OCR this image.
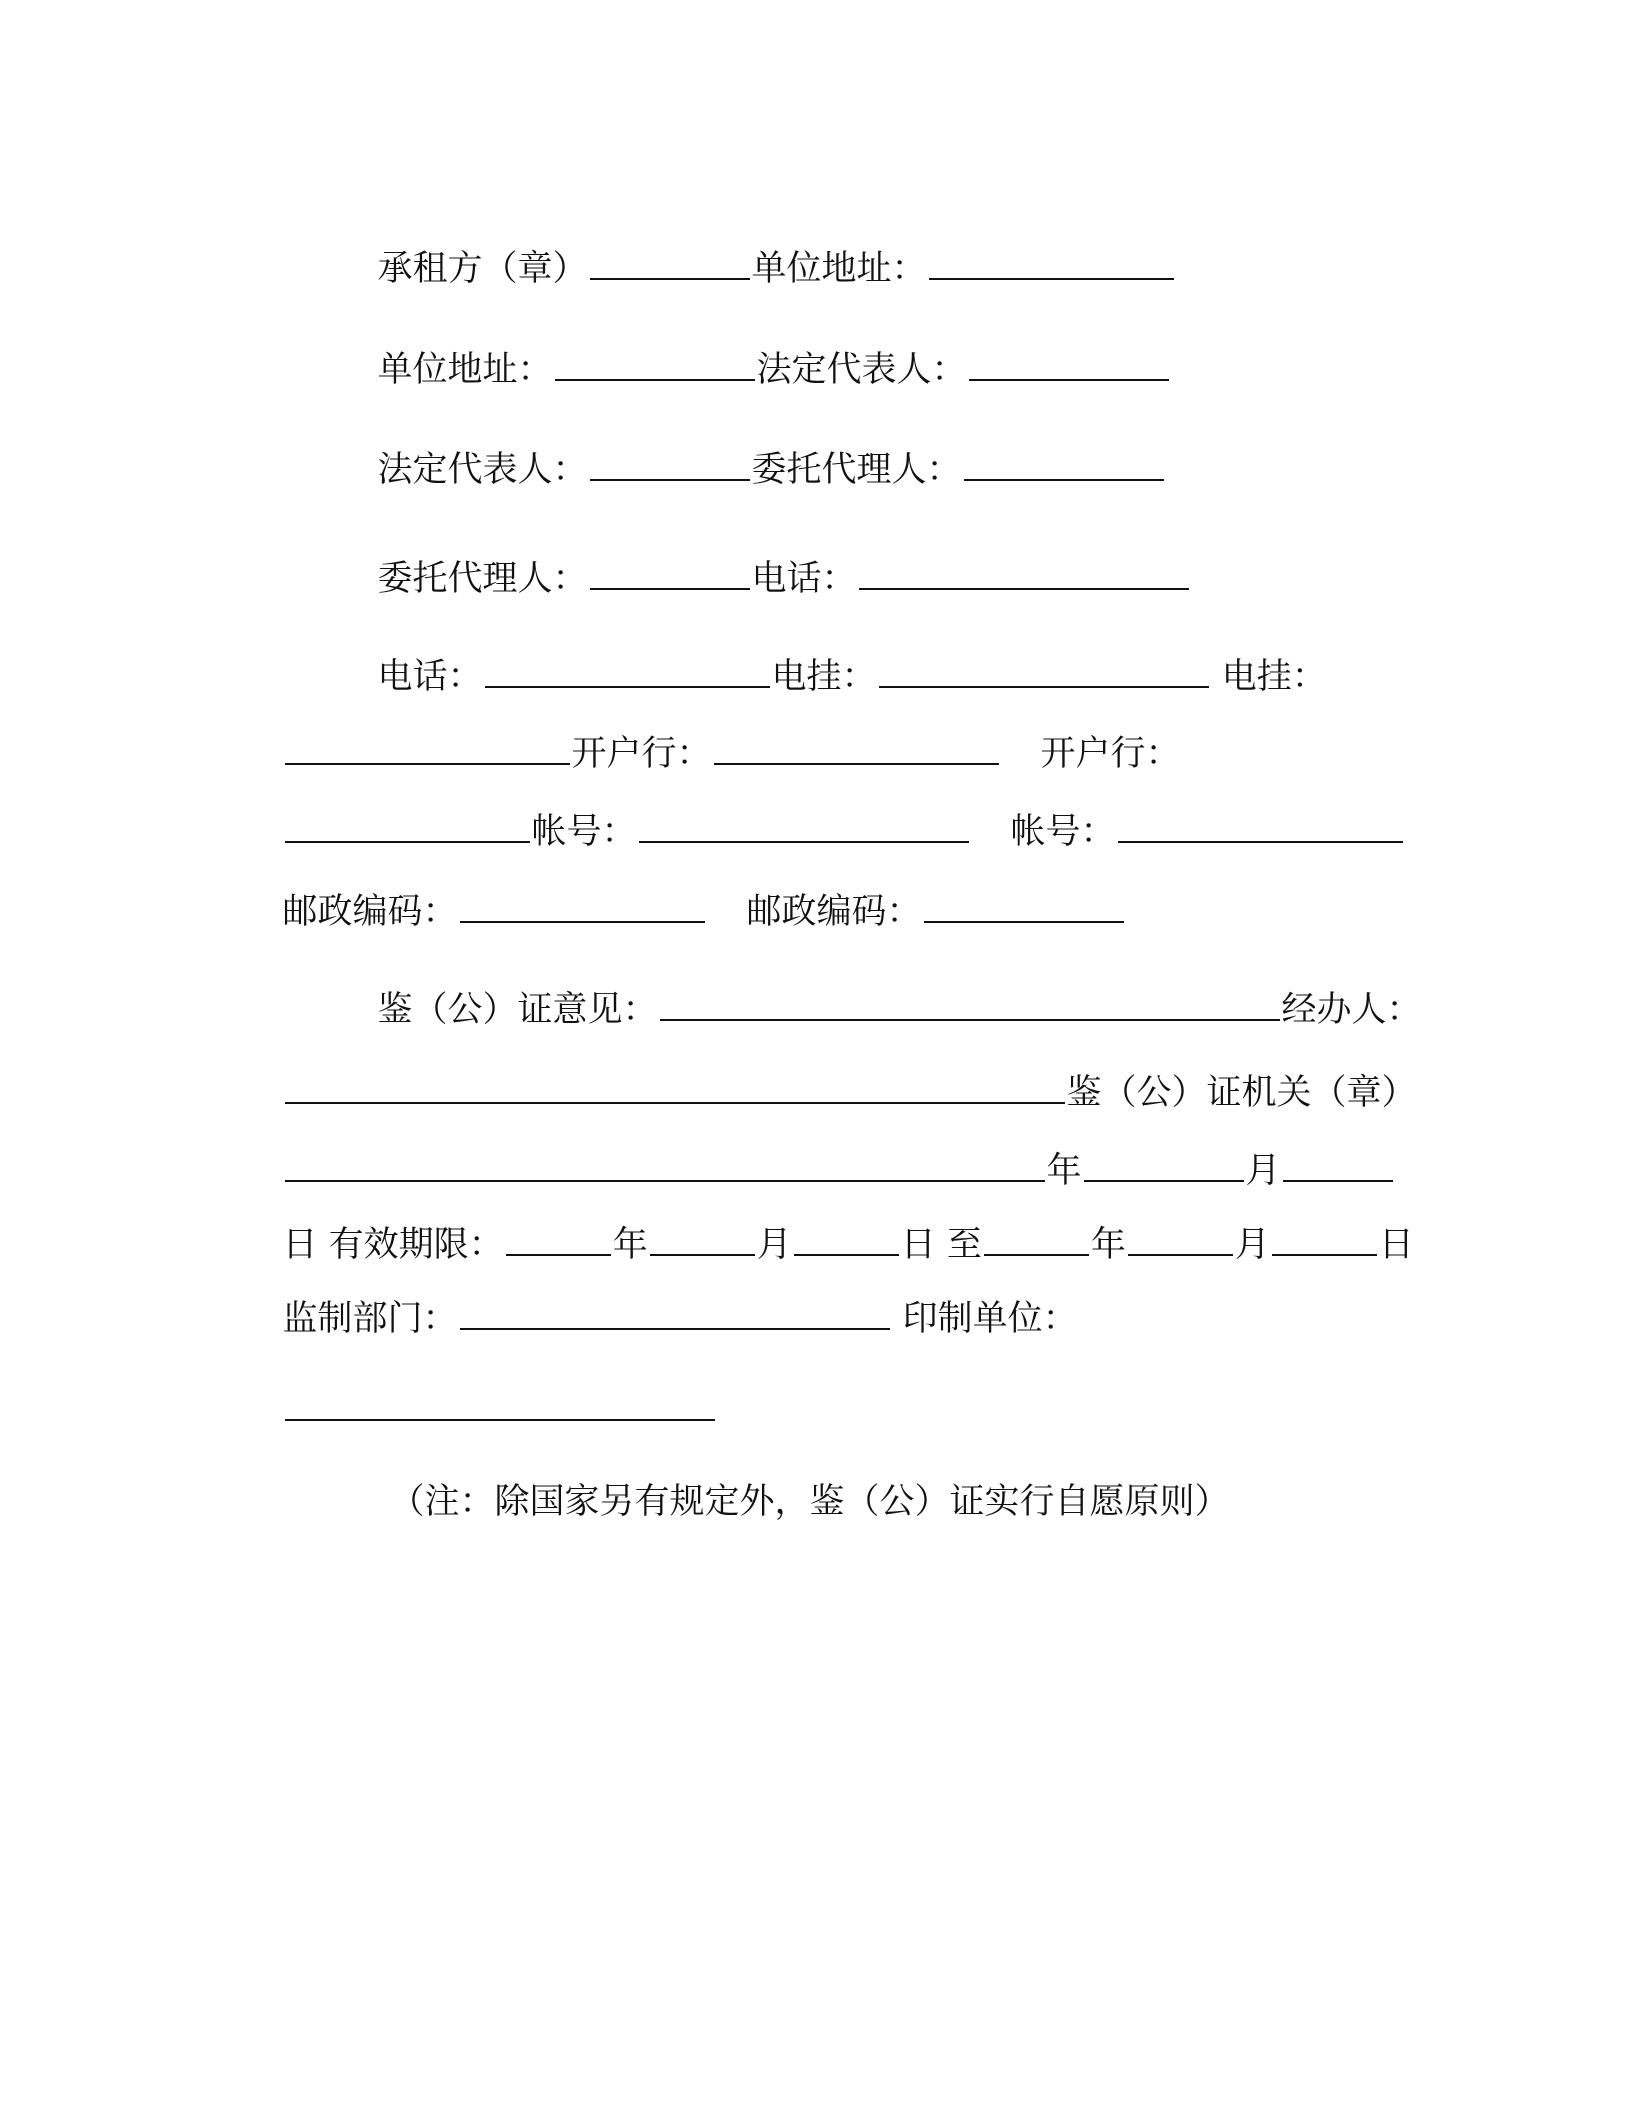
承租方（章）	单位地址：

单位地址：	法定代表人：

法定代表人：	委托代理人：

委托代理人：	电话：

电话：	电挂：	电挂：

开户行：	开户行：

帐号：	帐号：

邮政编码：	邮政编码：

鉴（公）证意见：	经办人：

鉴（公）证机关（章）

年	月

日 有效期限：	年	月	日 至	年	月	日

监制部门：	印制单位：

（注：除国家另有规定外，鉴（公）证实行自愿原则）
